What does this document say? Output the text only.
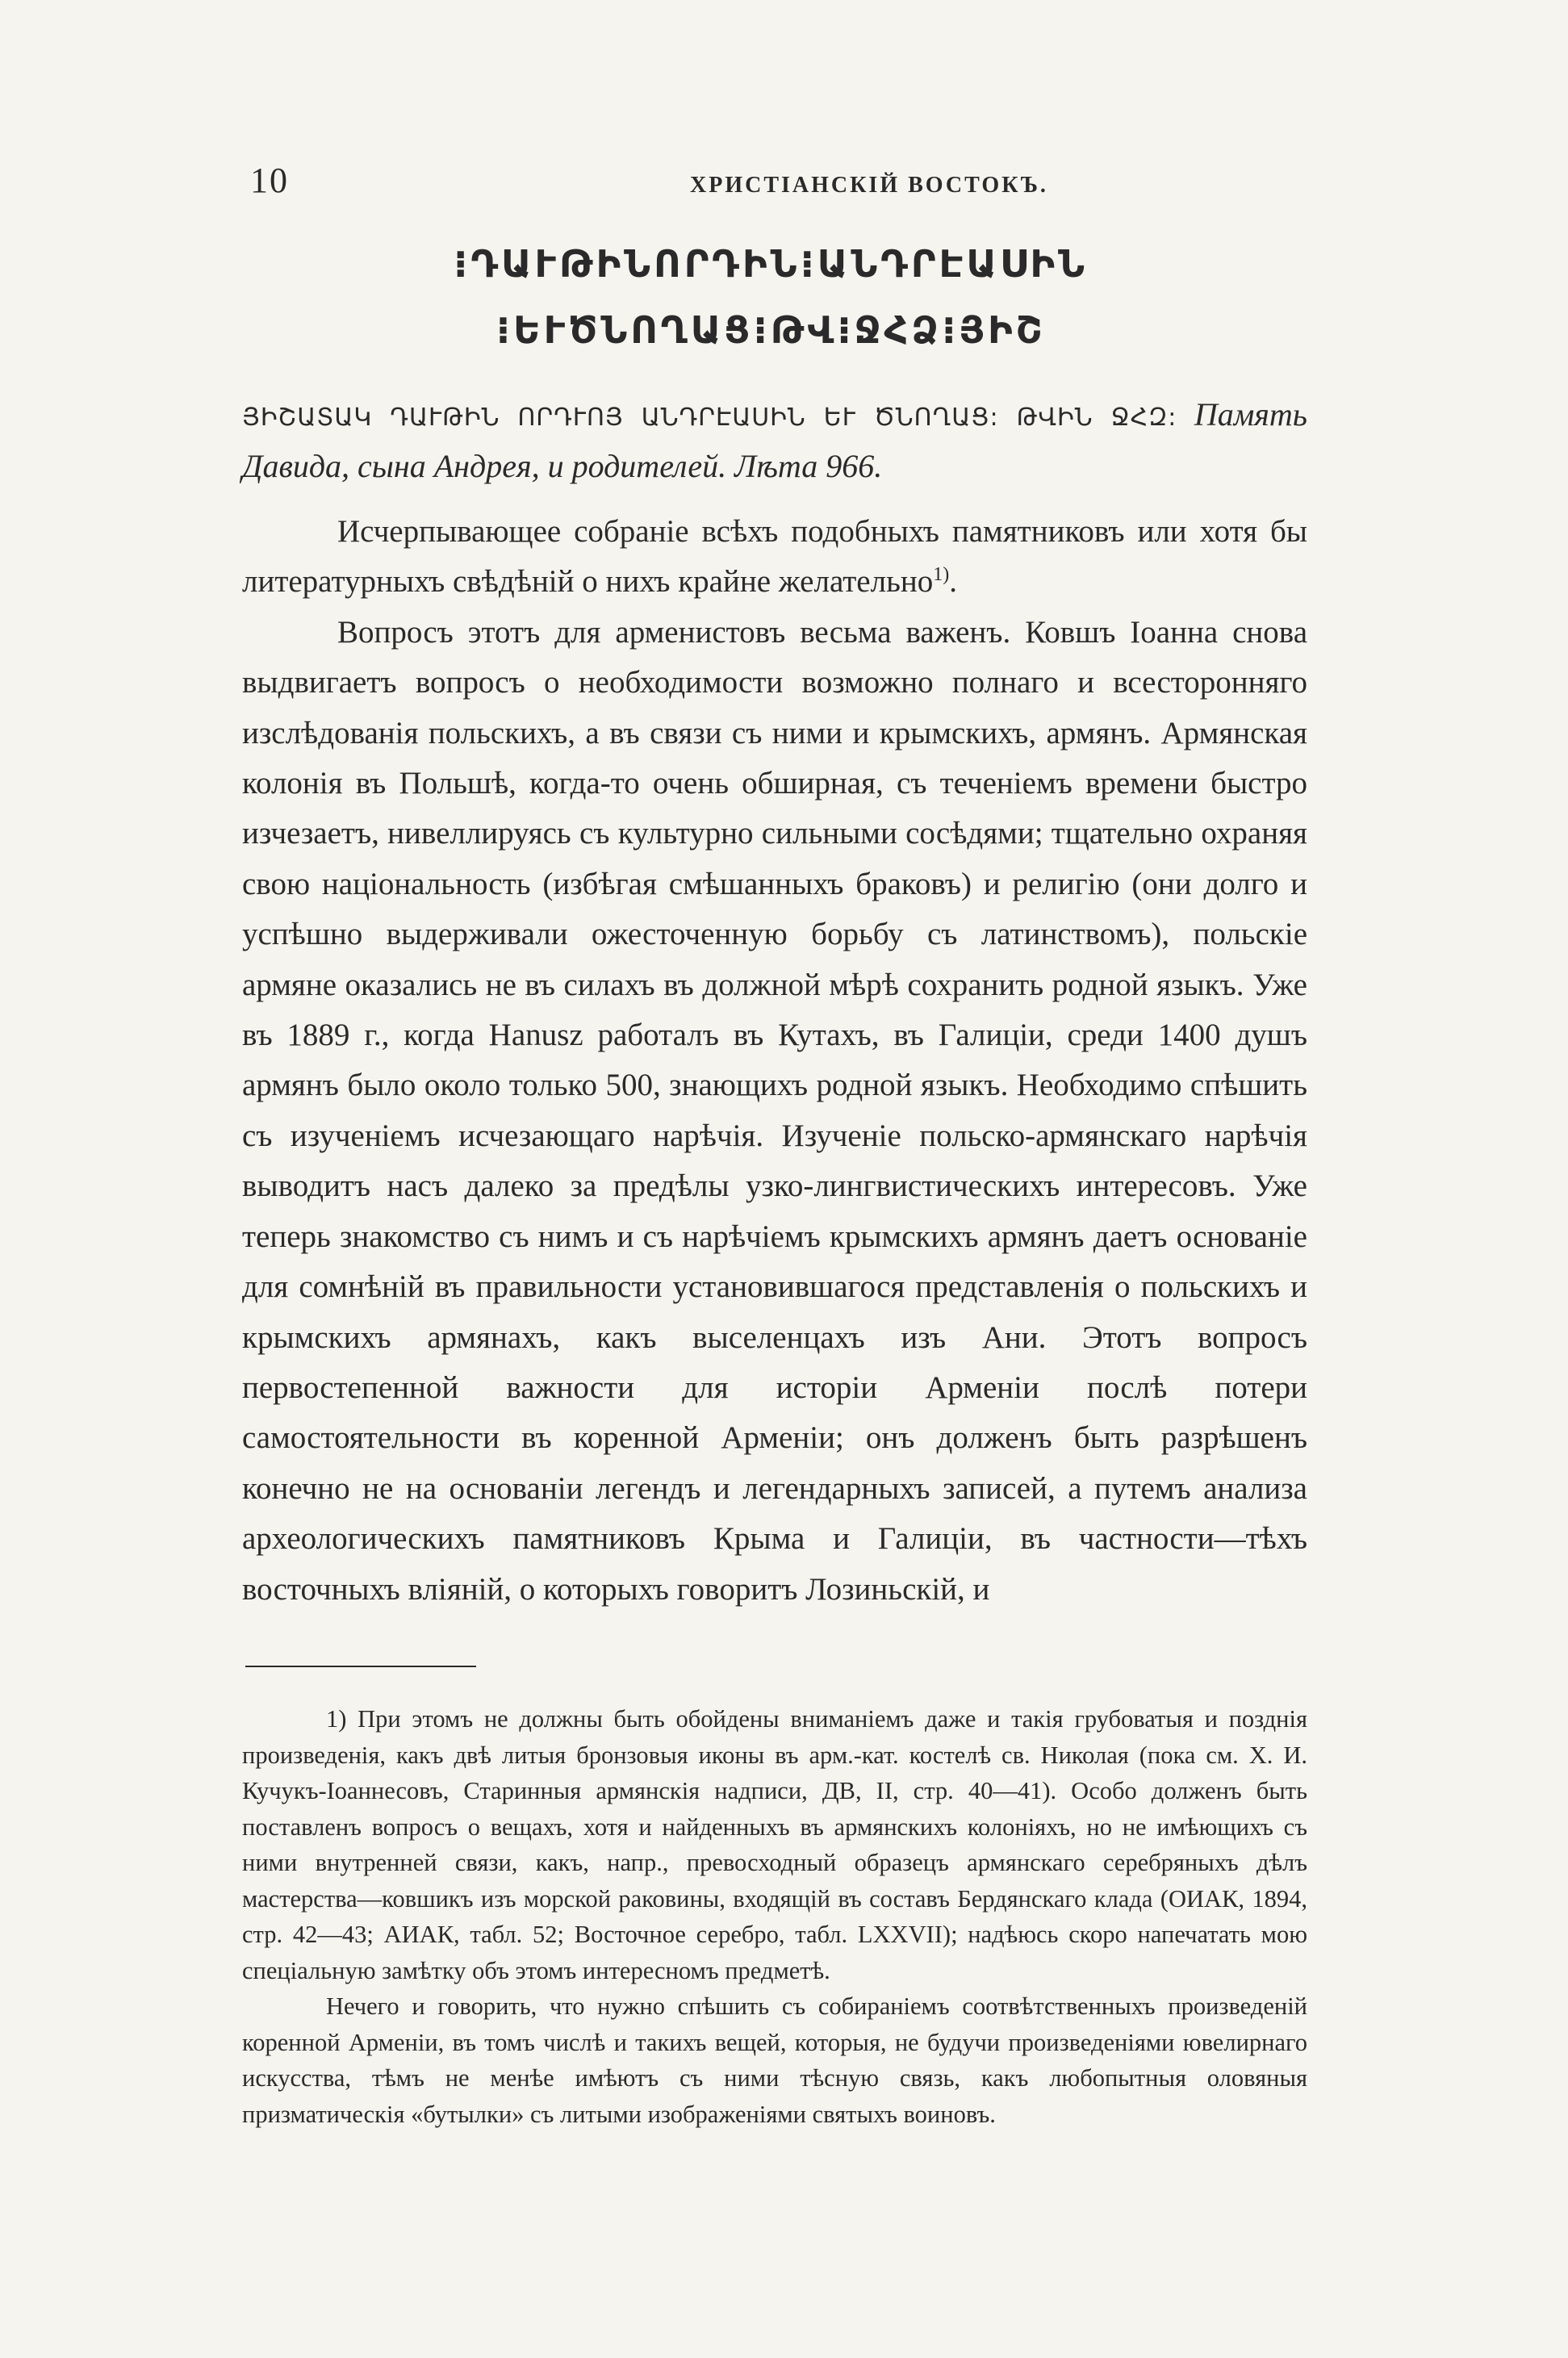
10	ХРИСТІАНСКІЙ ВОСТОКЪ.
⁝ԴԱՒԹԻՆՈՐԴԻՆ⁝ԱՆԴՐԷԱՍԻՆ
⁝ԵՒԾՆՈՂԱՑ⁝ԹՎ⁝ՋՀՁ⁝ՅԻՇ
ՅԻՇԱՏԱԿ ԴԱՒԹԻՆ ՈՐԴՒՈՅ ԱՆԴՐԷԱՍԻՆ ԵՒ ԾՆՈՂԱՑ: ԹՎԻՆ ՋՀԶ: Память Давида, сына Андрея, и родителей. Лѣта 966.

Исчерпывающее собраніе всѣхъ подобныхъ памятниковъ или хотя бы литературныхъ свѣдѣній о нихъ крайне желательно$^{1)}$.

Вопросъ этотъ для арменистовъ весьма важенъ. Ковшъ Іоанна снова выдвигаетъ вопросъ о необходимости возможно полнаго и всесторонняго изслѣдованія польскихъ, а въ связи съ ними и крымскихъ, армянъ. Армянская колонія въ Польшѣ, когда-то очень обширная, съ теченіемъ времени быстро изчезаетъ, нивеллируясь съ культурно сильными сосѣдями; тщательно охраняя свою національность (избѣгая смѣшанныхъ браковъ) и религію (они долго и успѣшно выдерживали ожесточенную борьбу съ латинствомъ), польскіе армяне оказались не въ силахъ въ должной мѣрѣ сохранить родной языкъ. Уже въ 1889 г., когда Hanusz работалъ въ Кутахъ, въ Галиціи, среди 1400 душъ армянъ было около только 500, знающихъ родной языкъ. Необходимо спѣшить съ изученіемъ исчезающаго нарѣчія. Изученіе польско-армянскаго нарѣчія выводитъ насъ далеко за предѣлы узко-лингвистическихъ интересовъ. Уже теперь знакомство съ нимъ и съ нарѣчіемъ крымскихъ армянъ даетъ основаніе для сомнѣній въ правильности установившагося представленія о польскихъ и крымскихъ армянахъ, какъ выселенцахъ изъ Ани. Этотъ вопросъ первостепенной важности для исторіи Арменіи послѣ потери самостоятельности въ коренной Арменіи; онъ долженъ быть разрѣшенъ конечно не на основаніи легендъ и легендарныхъ записей, а путемъ анализа археологическихъ памятниковъ Крыма и Галиціи, въ частности—тѣхъ восточныхъ вліяній, о которыхъ говоритъ Лозиньскій, и

1) При этомъ не должны быть обойдены вниманіемъ даже и такія грубоватыя и позднія произведенія, какъ двѣ литыя бронзовыя иконы въ арм.-кат. костелѣ св. Николая (пока см. Х. И. Кучукъ-Іоаннесовъ, Старинныя армянскія надписи, ДВ, II, стр. 40—41). Особо долженъ быть поставленъ вопросъ о вещахъ, хотя и найденныхъ въ армянскихъ колоніяхъ, но не имѣющихъ съ ними внутренней связи, какъ, напр., превосходный образецъ армянскаго серебряныхъ дѣлъ мастерства—ковшикъ изъ морской раковины, входящій въ составъ Бердянскаго клада (ОИАК, 1894, стр. 42—43; АИАК, табл. 52; Восточное серебро, табл. LXXVII); надѣюсь скоро напечатать мою спеціальную замѣтку объ этомъ интересномъ предметѣ.

Нечего и говорить, что нужно спѣшить съ собираніемъ соотвѣтственныхъ произведеній коренной Арменіи, въ томъ числѣ и такихъ вещей, которыя, не будучи произведеніями ювелирнаго искусства, тѣмъ не менѣе имѣютъ съ ними тѣсную связь, какъ любопытныя оловяныя призматическія «бутылки» съ литыми изображеніями святыхъ воиновъ.
